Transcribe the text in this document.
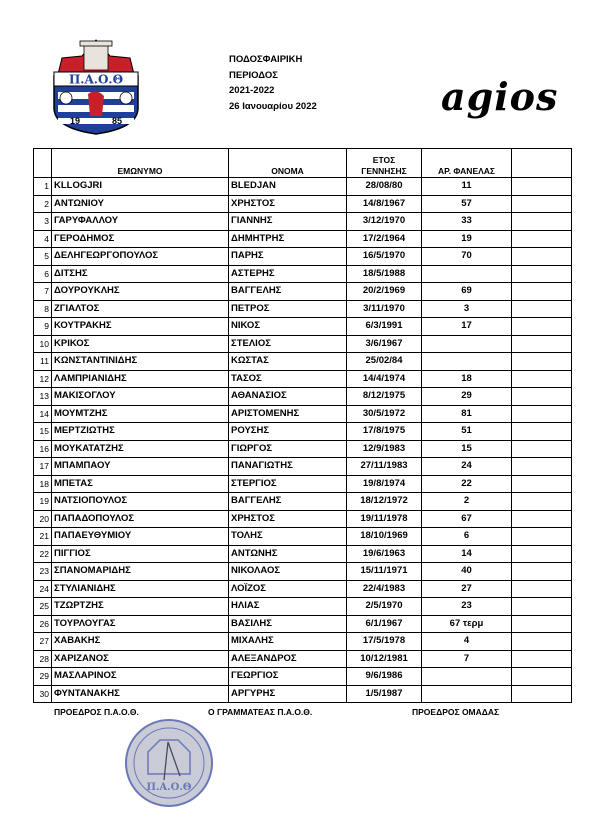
Π.Α.Ο.Θ
19	85
ΠΟΔΟΣΦΑΙΡΙΚΗ
ΠΕΡΙΟΔΟΣ
2021-2022
26 Ιανουαρίου 2022	agios
	ΕΜΩΝΥΜΟ	ΟΝΟΜΑ	ΕΤΟΣ
ΓΕΝΝΗΣΗΣ	ΑΡ. ΦΑΝΕΛΑΣ	
1	KLLOGJRI	BLEDJAN	28/08/80	11	
2	ΑΝΤΩΝΙΟΥ	ΧΡΗΣΤΟΣ	14/8/1967	57	
3	ΓΑΡΥΦΑΛΛΟΥ	ΓΙΑΝΝΗΣ	3/12/1970	33	
4	ΓΕΡΟΔΗΜΟΣ	ΔΗΜΗΤΡΗΣ	17/2/1964	19	
5	ΔΕΛΗΓΕΩΡΓΟΠΟΥΛΟΣ	ΠΑΡΗΣ	16/5/1970	70	
6	ΔΙΤΣΗΣ	ΑΣΤΕΡΗΣ	18/5/1988		
7	ΔΟΥΡΟΥΚΛΗΣ	ΒΑΓΓΕΛΗΣ	20/2/1969	69	
8	ΖΓΙΑΛΤΟΣ	ΠΕΤΡΟΣ	3/11/1970	3	
9	ΚΟΥΤΡΑΚΗΣ	ΝΙΚΟΣ	6/3/1991	17	
10	ΚΡΙΚΟΣ	ΣΤΕΛΙΟΣ	3/6/1967		
11	ΚΩΝΣΤΑΝΤΙΝΙΔΗΣ	ΚΩΣΤΑΣ	25/02/84		
12	ΛΑΜΠΡΙΑΝΙΔΗΣ	ΤΑΣΟΣ	14/4/1974	18	
13	ΜΑΚΙΣΟΓΛΟΥ	ΑΘΑΝΑΣΙΟΣ	8/12/1975	29	
14	ΜΟΥΜΤΖΗΣ	ΑΡΙΣΤΟΜΕΝΗΣ	30/5/1972	81	
15	ΜΕΡΤΖΙΩΤΗΣ	ΡΟΥΣΗΣ	17/8/1975	51	
16	ΜΟΥΚΑΤΑΤΖΗΣ	ΓΙΩΡΓΟΣ	12/9/1983	15	
17	ΜΠΑΜΠΑΟΥ	ΠΑΝΑΓΙΩΤΗΣ	27/11/1983	24	
18	ΜΠΕΤΑΣ	ΣΤΕΡΓΙΟΣ	19/8/1974	22	
19	ΝΑΤΣΙΟΠΟΥΛΟΣ	ΒΑΓΓΕΛΗΣ	18/12/1972	2	
20	ΠΑΠΑΔΟΠΟΥΛΟΣ	ΧΡΗΣΤΟΣ	19/11/1978	67	
21	ΠΑΠΑΕΥΘΥΜΙΟΥ	ΤΟΛΗΣ	18/10/1969	6	
22	ΠΙΓΓΙΟΣ	ΑΝΤΩΝΗΣ	19/6/1963	14	
23	ΣΠΑΝΟΜΑΡΙΔΗΣ	ΝΙΚΟΛΑΟΣ	15/11/1971	40	
24	ΣΤΥΛΙΑΝΙΔΗΣ	ΛΟΪΖΟΣ	22/4/1983	27	
25	ΤΖΩΡΤΖΗΣ	ΗΛΙΑΣ	2/5/1970	23	
26	ΤΟΥΡΛΟΥΓΑΣ	ΒΑΣΙΛΗΣ	6/1/1967	67 τερμ	
27	ΧΑΒΑΚΗΣ	ΜΙΧΑΛΗΣ	17/5/1978	4	
28	ΧΑΡΙΖΑΝΟΣ	ΑΛΕΞΑΝΔΡΟΣ	10/12/1981	7	
29	ΜΑΣΛΑΡΙΝΟΣ	ΓΕΩΡΓΙΟΣ	9/6/1986		
30	ΦΥΝΤΑΝΑΚΗΣ	ΑΡΓΥΡΗΣ	1/5/1987		
ΠΡΟΕΔΡΟΣ Π.Α.Ο.Θ.	Ο ΓΡΑΜΜΑΤΕΑΣ Π.Α.Ο.Θ.	ΠΡΟΕΔΡΟΣ ΟΜΑΔΑΣ
Π.Α.Ο.Θ
